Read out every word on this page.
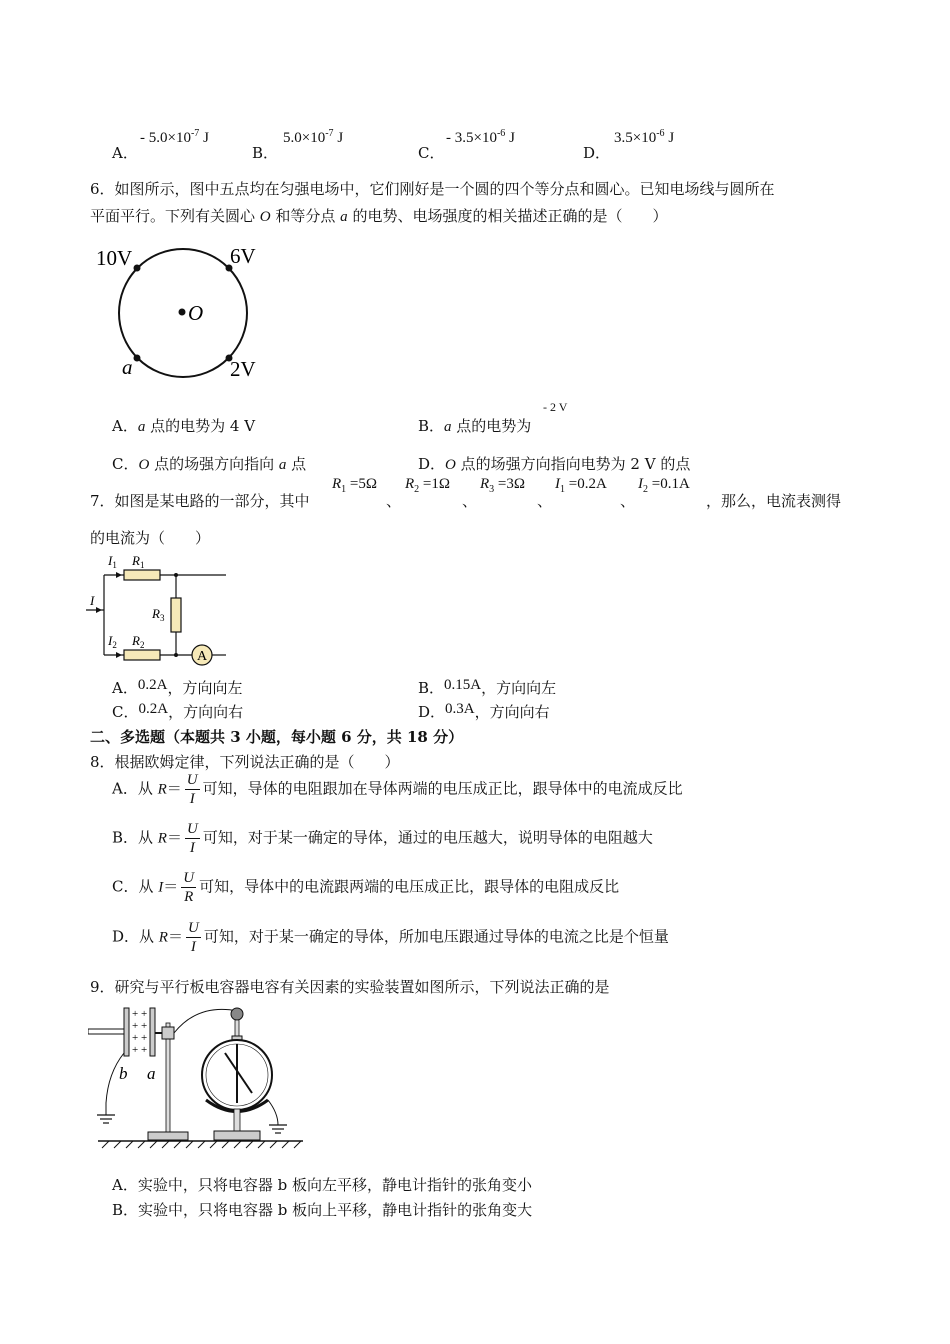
A．
- $5.0\times 10^{-7}$ J
B．
$5.0\times 10^{-7}$ J
C．
- $3.5\times 10^{-6}$ J
D．
$3.5\times 10^{-6}$ J
6．如图所示，图中五点均在匀强电场中，它们刚好是一个圆的四个等分点和圆心。已知电场线与圆所在
平面平行。下列有关圆心 O 和等分点 a 的电势、电场强度的相关描述正确的是（　　）
10V	6V
O
a	2V
A．a 点的电势为 4 V	B．a 点的电势为
- 2 V
C．O 点的场强方向指向 a 点	D．O 点的场强方向指向电势为 2 V 的点
7．如图是某电路的一部分，其中
$R_1 =5\Omega$
、
$R_2 =1\Omega$
、
$R_3 =3\Omega$
、
$I_1 =0.2A$
、
$I_2 =0.1A$
，那么，电流表测得
的电流为（　　）
A
$I_1$ $R_1$
I
$R_3$
$I_2$ $R_2$
A．0.2A，方向向左	B．0.15A，方向向左
C．0.2A，方向向右	D．0.3A，方向向右
二、多选题（本题共 3 小题，每小题 6 分，共 18 分）
8．根据欧姆定律，下列说法正确的是（　　）
A．从 $R= \frac{U}{I}$ 可知，导体的电阻跟加在导体两端的电压成正比，跟导体中的电流成反比
B．从 $R= \frac{U}{I}$ 可知，对于某一确定的导体，通过的电压越大，说明导体的电阻越大
C．从 $I= \frac{U}{R}$ 可知，导体中的电流跟两端的电压成正比，跟导体的电阻成反比
D．从 $R= \frac{U}{I}$ 可知，对于某一确定的导体，所加电压跟通过导体的电流之比是个恒量
9．研究与平行板电容器电容有关因素的实验装置如图所示，下列说法正确的是
+
+
+
+
+
+
+
+
b a
A．实验中，只将电容器 b 板向左平移，静电计指针的张角变小
B．实验中，只将电容器 b 板向上平移，静电计指针的张角变大
